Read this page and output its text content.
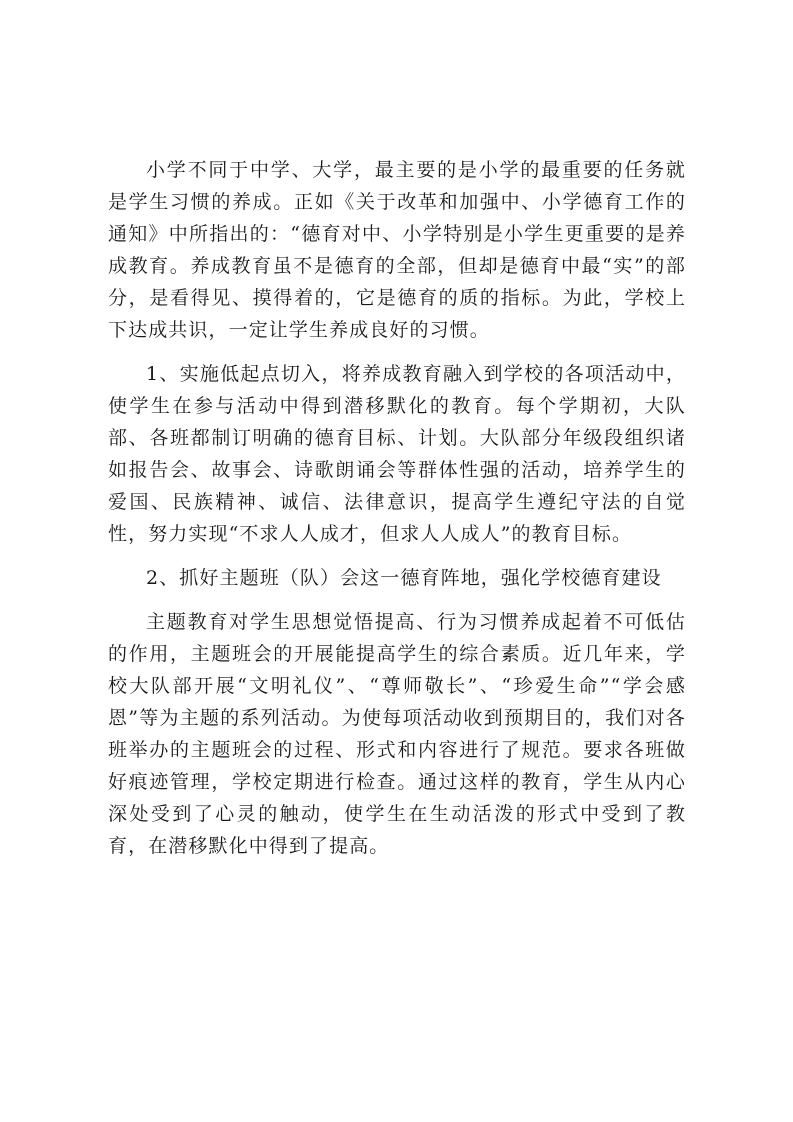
小学不同于中学、大学，最主要的是小学的最重要的任务就是学生习惯的养成。正如《关于改革和加强中、小学德育工作的通知》中所指出的：“德育对中、小学特别是小学生更重要的是养成教育。养成教育虽不是德育的全部，但却是德育中最“实”的部分，是看得见、摸得着的，它是德育的质的指标。为此，学校上下达成共识，一定让学生养成良好的习惯。

1、实施低起点切入，将养成教育融入到学校的各项活动中，使学生在参与活动中得到潜移默化的教育。每个学期初，大队部、各班都制订明确的德育目标、计划。大队部分年级段组织诸如报告会、故事会、诗歌朗诵会等群体性强的活动，培养学生的爱国、民族精神、诚信、法律意识，提高学生遵纪守法的自觉性，努力实现“不求人人成才，但求人人成人”的教育目标。

2、抓好主题班（队）会这一德育阵地，强化学校德育建设

主题教育对学生思想觉悟提高、行为习惯养成起着不可低估的作用，主题班会的开展能提高学生的综合素质。近几年来，学校大队部开展“文明礼仪”、“尊师敬长”、“珍爱生命”“学会感恩”等为主题的系列活动。为使每项活动收到预期目的，我们对各班举办的主题班会的过程、形式和内容进行了规范。要求各班做好痕迹管理，学校定期进行检查。通过这样的教育，学生从内心深处受到了心灵的触动，使学生在生动活泼的形式中受到了教育，在潜移默化中得到了提高。
